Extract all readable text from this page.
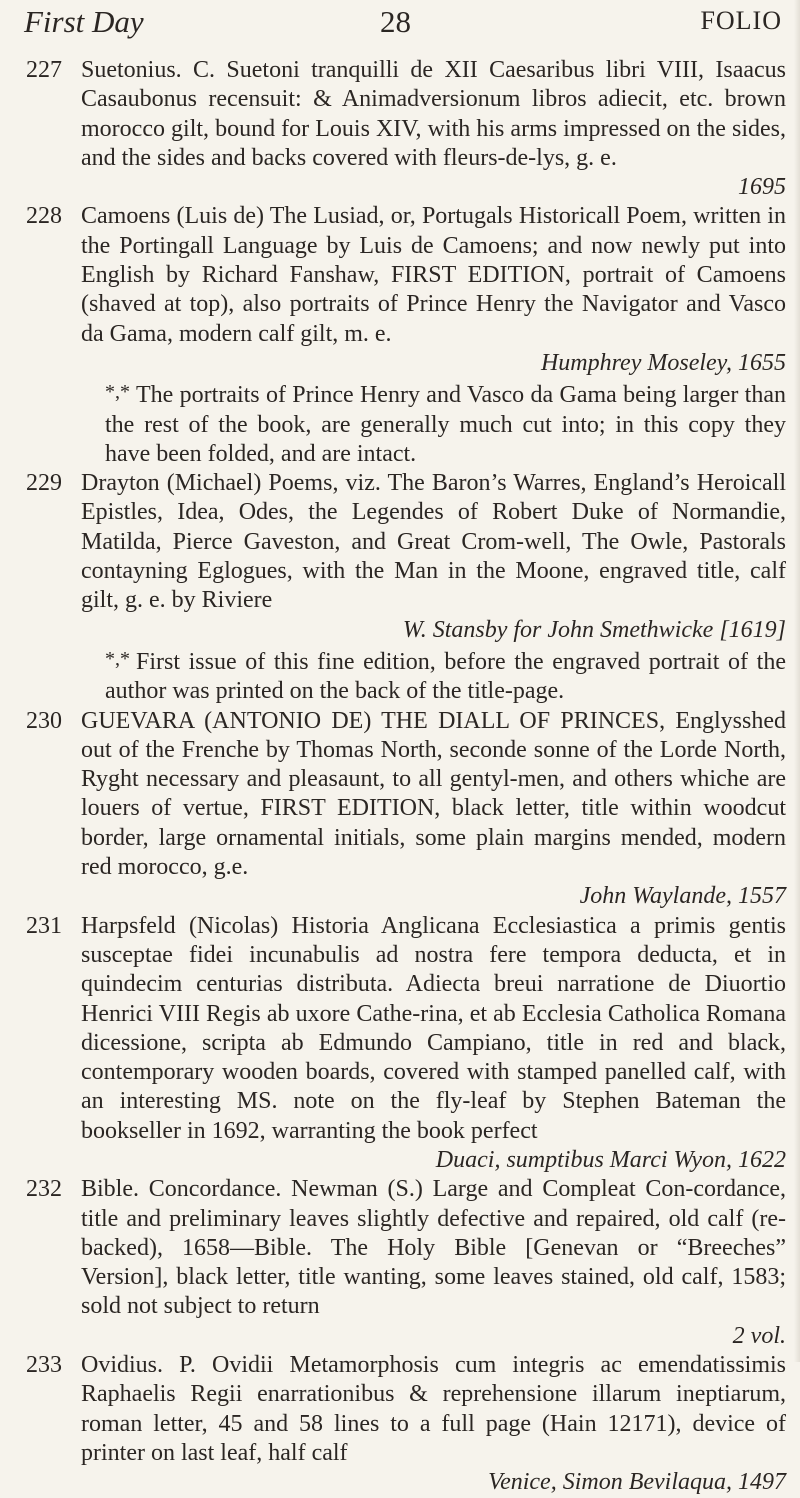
First Day	28	FOLIO
227 Suetonius. C. Suetoni tranquilli de XII Caesaribus libri VIII, Isaacus Casaubonus recensuit: & Animadversionum libros adiecit, etc. brown morocco gilt, bound for Louis XIV, with his arms impressed on the sides, and the sides and backs covered with fleurs-de-lys, g. e.
1695
228 Camoens (Luis de) The Lusiad, or, Portugals Historicall Poem, written in the Portingall Language by Luis de Camoens; and now newly put into English by Richard Fanshaw, FIRST EDITION, portrait of Camoens (shaved at top), also portraits of Prince Henry the Navigator and Vasco da Gama, modern calf gilt, m. e.
Humphrey Moseley, 1655
*,* The portraits of Prince Henry and Vasco da Gama being larger than the rest of the book, are generally much cut into; in this copy they have been folded, and are intact.
229 Drayton (Michael) Poems, viz. The Baron’s Warres, England’s Heroicall Epistles, Idea, Odes, the Legendes of Robert Duke of Normandie, Matilda, Pierce Gaveston, and Great Crom-well, The Owle, Pastorals contayning Eglogues, with the Man in the Moone, engraved title, calf gilt, g. e. by Riviere
W. Stansby for John Smethwicke [1619]
*,* First issue of this fine edition, before the engraved portrait of the author was printed on the back of the title-page.
230 GUEVARA (ANTONIO DE) THE DIALL OF PRINCES, Englysshed out of the Frenche by Thomas North, seconde sonne of the Lorde North, Ryght necessary and pleasaunt, to all gentyl-men, and others whiche are louers of vertue, FIRST EDITION, black letter, title within woodcut border, large ornamental initials, some plain margins mended, modern red morocco, g.e.
John Waylande, 1557
231 Harpsfeld (Nicolas) Historia Anglicana Ecclesiastica a primis gentis susceptae fidei incunabulis ad nostra fere tempora deducta, et in quindecim centurias distributa. Adiecta breui narratione de Diuortio Henrici VIII Regis ab uxore Cathe-rina, et ab Ecclesia Catholica Romana dicessione, scripta ab Edmundo Campiano, title in red and black, contemporary wooden boards, covered with stamped panelled calf, with an interesting MS. note on the fly-leaf by Stephen Bateman the bookseller in 1692, warranting the book perfect
Duaci, sumptibus Marci Wyon, 1622
232 Bible. Concordance. Newman (S.) Large and Compleat Con-cordance, title and preliminary leaves slightly defective and repaired, old calf (re-backed), 1658—Bible. The Holy Bible [Genevan or “Breeches” Version], black letter, title wanting, some leaves stained, old calf, 1583; sold not subject to return
2 vol.
233 Ovidius. P. Ovidii Metamorphosis cum integris ac emendatissimis Raphaelis Regii enarrationibus & reprehensione illarum ineptiarum, roman letter, 45 and 58 lines to a full page (Hain 12171), device of printer on last leaf, half calf
Venice, Simon Bevilaqua, 1497
